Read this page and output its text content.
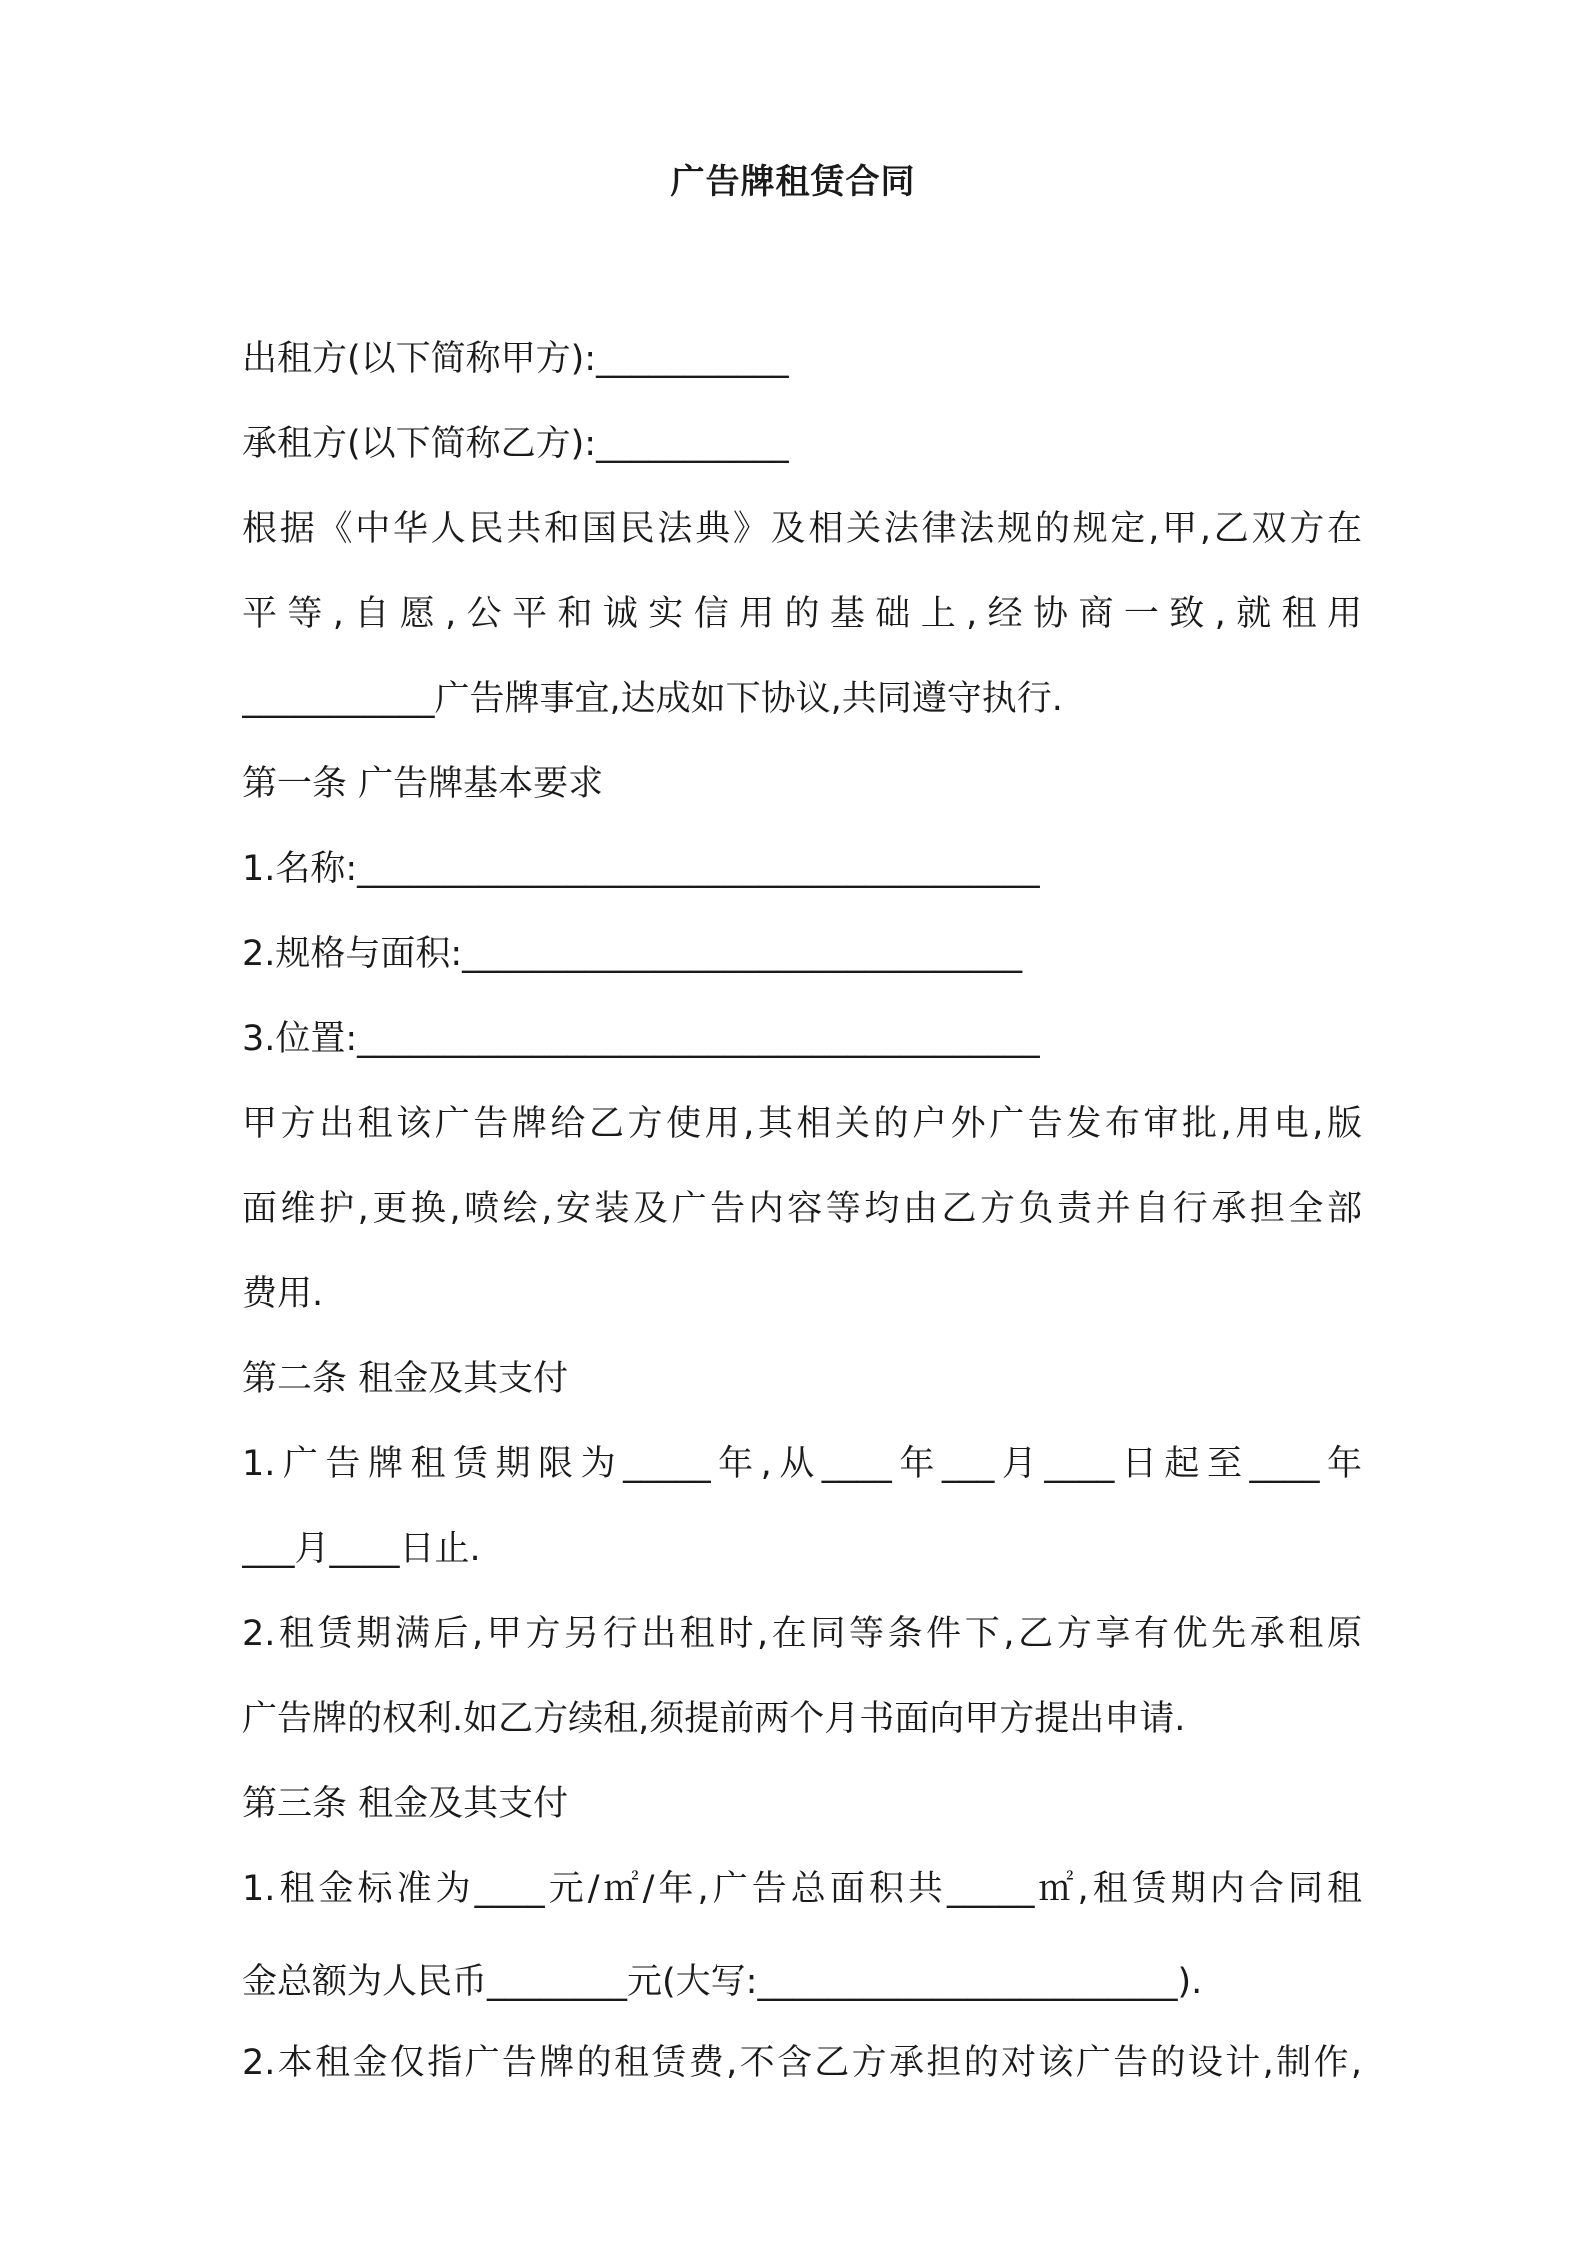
广告牌租赁合同
出租方(以下简称甲方):___________
承租方(以下简称乙方):___________
根据《中华人民共和国民法典》及相关法律法规的规定,甲,乙双方在
平等,自愿,公平和诚实信用的基础上,经协商一致,就租用
___________广告牌事宜,达成如下协议,共同遵守执行.
第一条 广告牌基本要求
1.名称:_______________________________________
2.规格与面积:________________________________
3.位置:_______________________________________
甲方出租该广告牌给乙方使用,其相关的户外广告发布审批,用电,版
面维护,更换,喷绘,安装及广告内容等均由乙方负责并自行承担全部
费用.
第二条 租金及其支付
1.广告牌租赁期限为_____年,从____年___月____日起至____年
___月____日止.
2.租赁期满后,甲方另行出租时,在同等条件下,乙方享有优先承租原
广告牌的权利.如乙方续租,须提前两个月书面向甲方提出申请.
第三条 租金及其支付
1.租金标准为____元/㎡/年,广告总面积共_____㎡,租赁期内合同租
金总额为人民币________元(大写:________________________).
2.本租金仅指广告牌的租赁费,不含乙方承担的对该广告的设计,制作,
